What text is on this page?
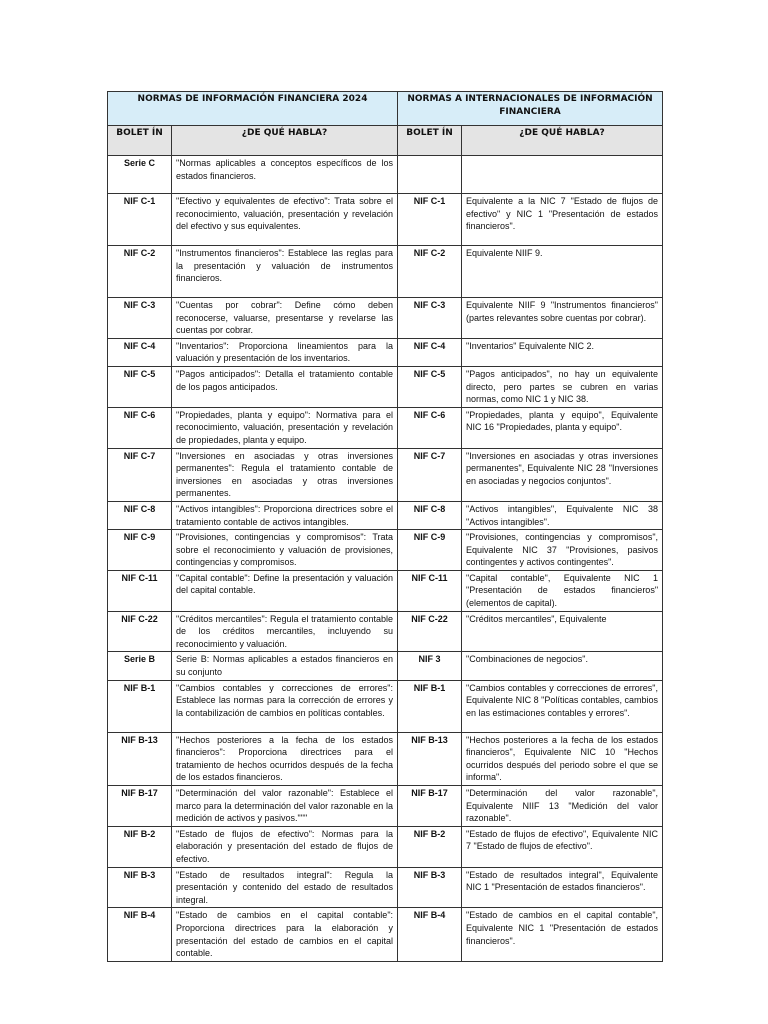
NORMAS DE INFORMACIÓN FINANCIERA 2024		NORMAS A INTERNACIONALES DE INFORMACIÓN FINANCIERA	
BOLET ÍN	¿DE QUÉ HABLA?	BOLET ÍN	¿DE QUÉ HABLA?
Serie C	"Normas aplicables a conceptos específicos de los estados financieros.		
NIF C-1	"Efectivo y equivalentes de efectivo": Trata sobre el reconocimiento, valuación, presentación y revelación del efectivo y sus equivalentes.	NIF C-1	Equivalente a la NIC 7 "Estado de flujos de efectivo" y NIC 1 "Presentación de estados financieros".
NIF C-2	"Instrumentos financieros": Establece las reglas para la presentación y valuación de instrumentos financieros.	NIF C-2	Equivalente NIIF 9.
NIF C-3	"Cuentas por cobrar": Define cómo deben reconocerse, valuarse, presentarse y revelarse las cuentas por cobrar.	NIF C-3	Equivalente NIIF 9 "Instrumentos financieros" (partes relevantes sobre cuentas por cobrar).
NIF C-4	"Inventarios": Proporciona lineamientos para la valuación y presentación de los inventarios.	NIF C-4	"Inventarios" Equivalente NIC 2.
NIF C-5	"Pagos anticipados": Detalla el tratamiento contable de los pagos anticipados.	NIF C-5	"Pagos anticipados", no hay un equivalente directo, pero partes se cubren en varias normas, como NIC 1 y NIC 38.
NIF C-6	"Propiedades, planta y equipo": Normativa para el reconocimiento, valuación, presentación y revelación de propiedades, planta y equipo.	NIF C-6	"Propiedades, planta y equipo", Equivalente NIC 16 "Propiedades, planta y equipo".
NIF C-7	"Inversiones en asociadas y otras inversiones permanentes": Regula el tratamiento contable de inversiones en asociadas y otras inversiones permanentes.	NIF C-7	"Inversiones en asociadas y otras inversiones permanentes", Equivalente NIC 28 "Inversiones en asociadas y negocios conjuntos".
NIF C-8	"Activos intangibles": Proporciona directrices sobre el tratamiento contable de activos intangibles.	NIF C-8	"Activos intangibles", Equivalente NIC 38 "Activos intangibles".
NIF C-9	"Provisiones, contingencias y compromisos": Trata sobre el reconocimiento y valuación de provisiones, contingencias y compromisos.	NIF C-9	"Provisiones, contingencias y compromisos", Equivalente NIC 37 "Provisiones, pasivos contingentes y activos contingentes".
NIF C-11	"Capital contable": Define la presentación y valuación del capital contable.	NIF C-11	"Capital contable", Equivalente NIC 1 "Presentación de estados financieros" (elementos de capital).
NIF C-22	"Créditos mercantiles": Regula el tratamiento contable de los créditos mercantiles, incluyendo su reconocimiento y valuación.	NIF C-22	"Créditos mercantiles", Equivalente
Serie B	Serie B: Normas aplicables a estados financieros en su conjunto	NIF 3	"Combinaciones de negocios".
NIF B-1	"Cambios contables y correcciones de errores": Establece las normas para la corrección de errores y la contabilización de cambios en políticas contables.	NIF B-1	"Cambios contables y correcciones de errores", Equivalente NIC 8 "Políticas contables, cambios en las estimaciones contables y errores".
NIF B-13	"Hechos posteriores a la fecha de los estados financieros": Proporciona directrices para el tratamiento de hechos ocurridos después de la fecha de los estados financieros.	NIF B-13	"Hechos posteriores a la fecha de los estados financieros", Equivalente NIC 10 "Hechos ocurridos después del periodo sobre el que se informa".
NIF B-17	"Determinación del valor razonable": Establece el marco para la determinación del valor razonable en la medición de activos y pasivos."""	NIF B-17	"Determinación del valor razonable", Equivalente NIIF 13 "Medición del valor razonable".
NIF B-2	"Estado de flujos de efectivo": Normas para la elaboración y presentación del estado de flujos de efectivo.	NIF B-2	"Estado de flujos de efectivo", Equivalente NIC 7 "Estado de flujos de efectivo".
NIF B-3	"Estado de resultados integral": Regula la presentación y contenido del estado de resultados integral.	NIF B-3	"Estado de resultados integral", Equivalente NIC 1 "Presentación de estados financieros".
NIF B-4	"Estado de cambios en el capital contable": Proporciona directrices para la elaboración y presentación del estado de cambios en el capital contable.	NIF B-4	"Estado de cambios en el capital contable", Equivalente NIC 1 "Presentación de estados financieros".
